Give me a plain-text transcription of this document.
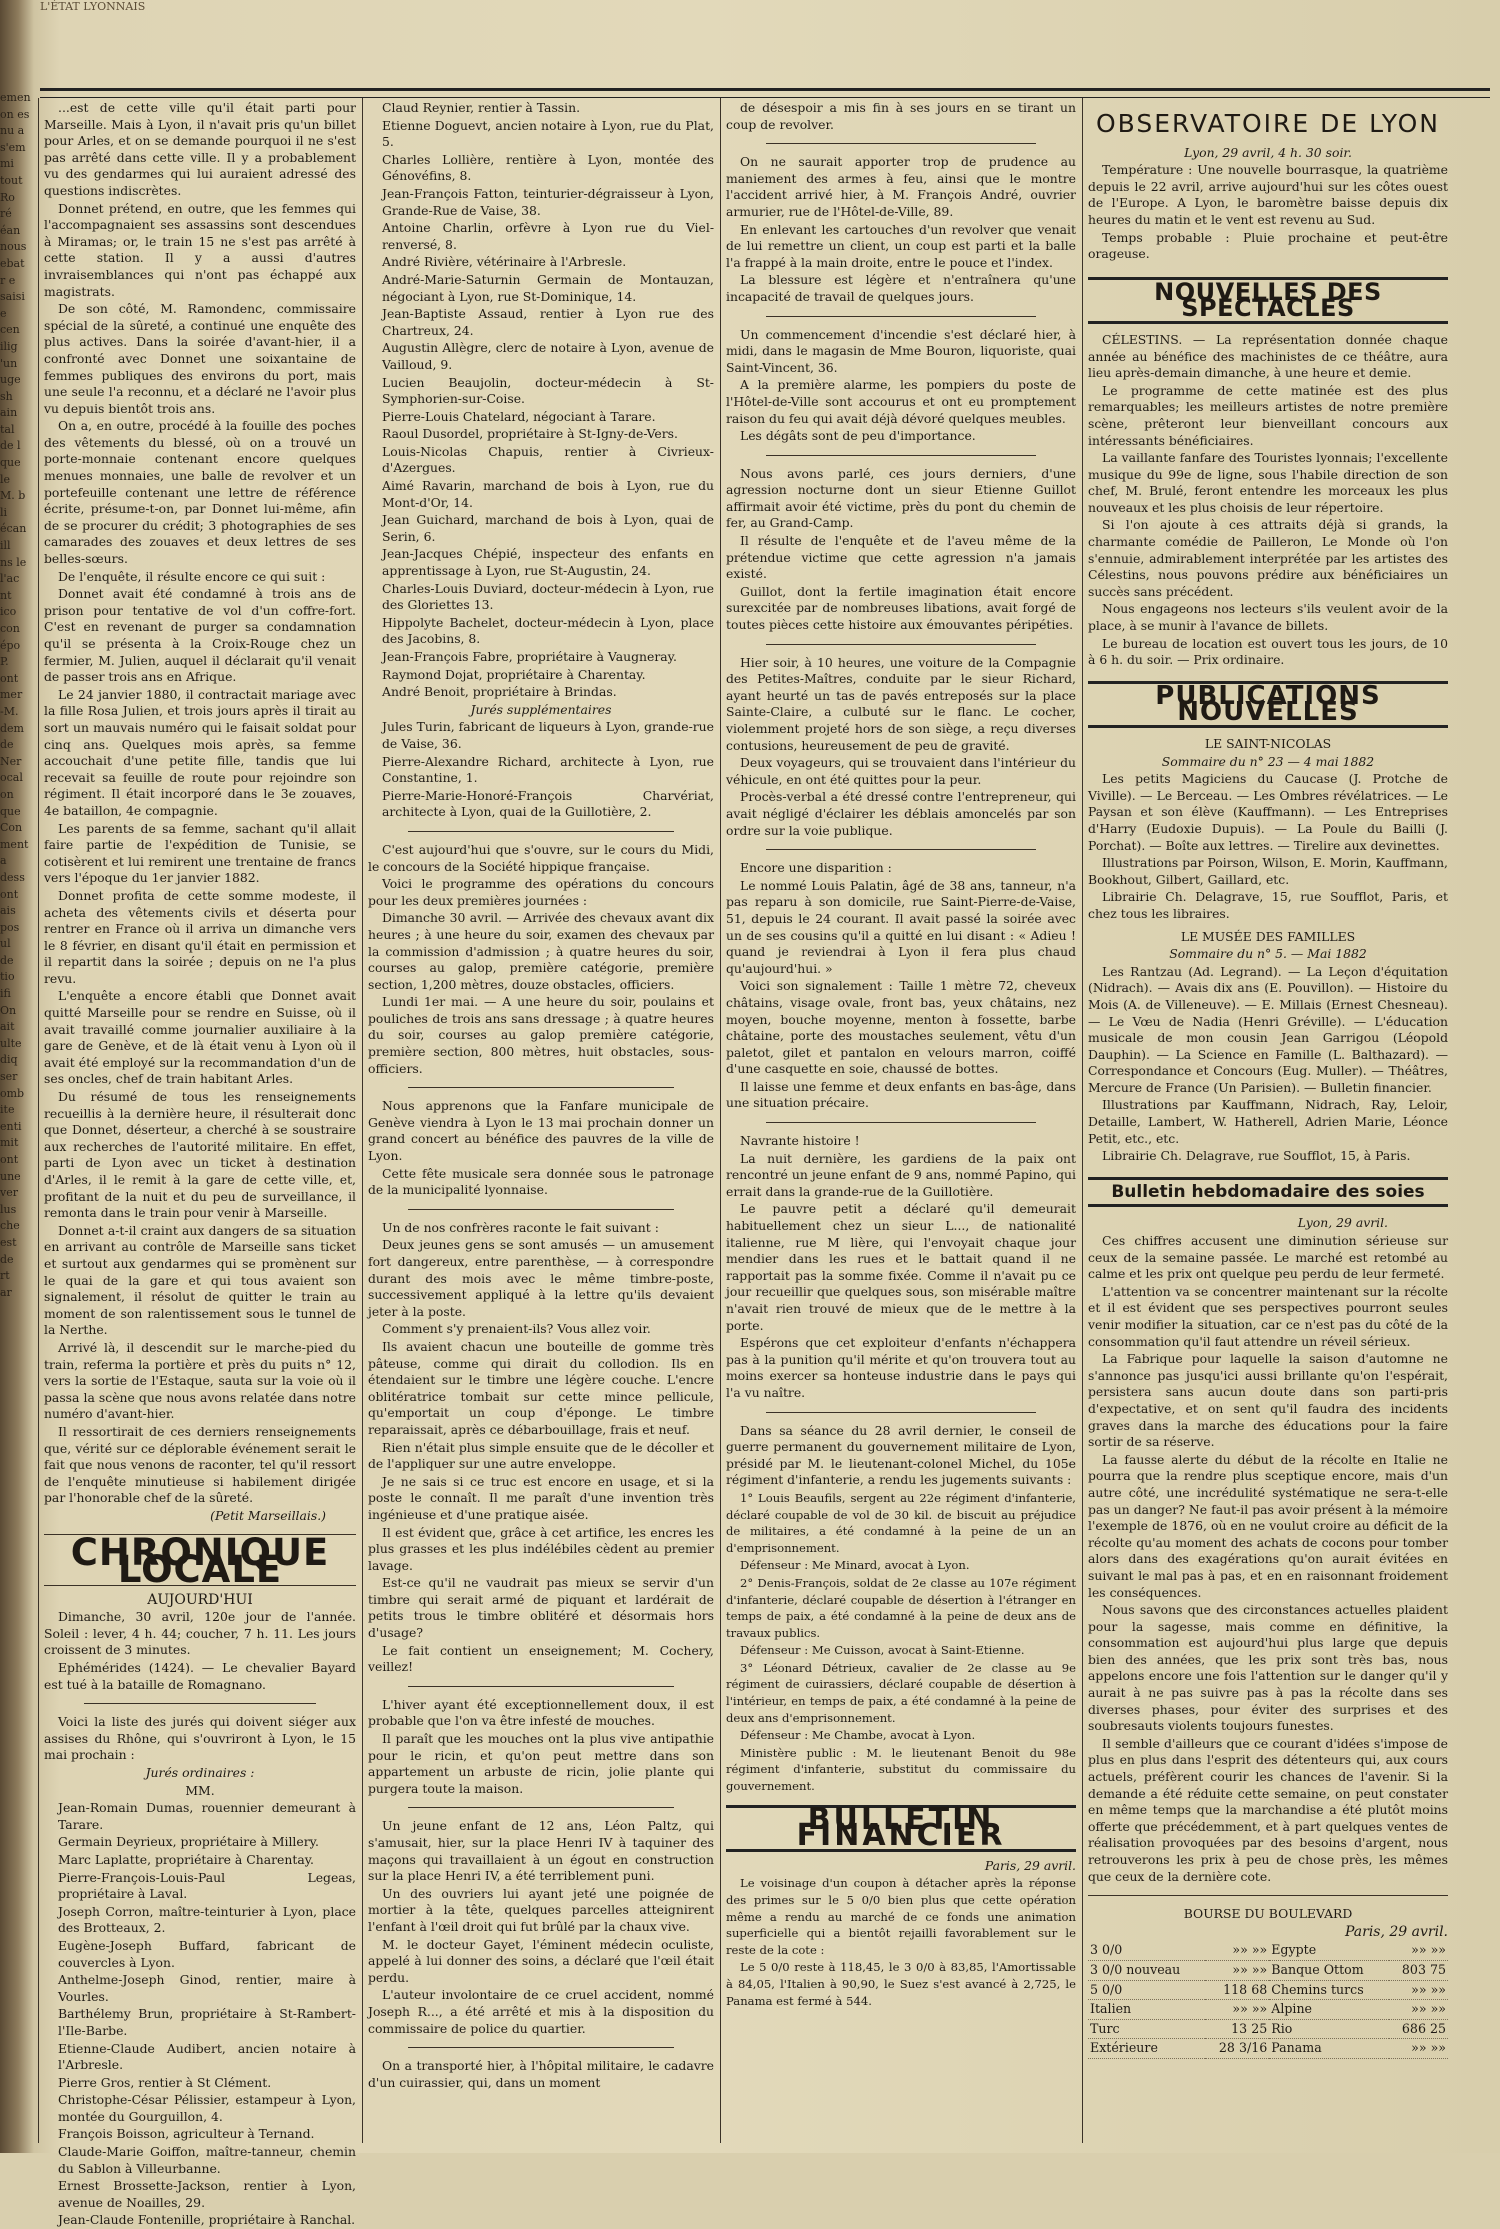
L'ÉTAT LYONNAIS
emen
on es
nu a
s'em
mi
tout
Ro
ré
éan
nous
ebat
r e
saisi
e
cen
ilig
'un
uge
sh
ain
tal
de l
que
le
M. b
li
écan
ill
ns le
l'ac
nt
ico
con
épo
P.
ont
mer
-M.
dem
de
Ner
ocal
on
que
Con
ment
a
dess
ont
ais
pos
ul
de
tio
ifi
On
ait
ulte
diq
ser
omb
ite
enti
mit
ont
une
ver
lus
che
est
de
rt
ar

...est de cette ville qu'il était parti pour Marseille. Mais à Lyon, il n'avait pris qu'un billet pour Arles, et on se demande pourquoi il ne s'est pas arrêté dans cette ville. Il y a probablement vu des gendarmes qui lui auraient adressé des questions indiscrètes.

Donnet prétend, en outre, que les femmes qui l'accompagnaient ses assassins sont descendues à Miramas; or, le train 15 ne s'est pas arrêté à cette station. Il y a aussi d'autres invraisemblances qui n'ont pas échappé aux magistrats.

De son côté, M. Ramondenc, commissaire spécial de la sûreté, a continué une enquête des plus actives. Dans la soirée d'avant-hier, il a confronté avec Donnet une soixantaine de femmes publiques des environs du port, mais une seule l'a reconnu, et a déclaré ne l'avoir plus vu depuis bientôt trois ans.

On a, en outre, procédé à la fouille des poches des vêtements du blessé, où on a trouvé un porte-monnaie contenant encore quelques menues monnaies, une balle de revolver et un portefeuille contenant une lettre de référence écrite, présume-t-on, par Donnet lui-même, afin de se procurer du crédit; 3 photographies de ses camarades des zouaves et deux lettres de ses belles-sœurs.

De l'enquête, il résulte encore ce qui suit :

Donnet avait été condamné à trois ans de prison pour tentative de vol d'un coffre-fort. C'est en revenant de purger sa condamnation qu'il se présenta à la Croix-Rouge chez un fermier, M. Julien, auquel il déclarait qu'il venait de passer trois ans en Afrique.

Le 24 janvier 1880, il contractait mariage avec la fille Rosa Julien, et trois jours après il tirait au sort un mauvais numéro qui le faisait soldat pour cinq ans. Quelques mois après, sa femme accouchait d'une petite fille, tandis que lui recevait sa feuille de route pour rejoindre son régiment. Il était incorporé dans le 3e zouaves, 4e bataillon, 4e compagnie.

Les parents de sa femme, sachant qu'il allait faire partie de l'expédition de Tunisie, se cotisèrent et lui remirent une trentaine de francs vers l'époque du 1er janvier 1882.

Donnet profita de cette somme modeste, il acheta des vêtements civils et déserta pour rentrer en France où il arriva un dimanche vers le 8 février, en disant qu'il était en permission et il repartit dans la soirée ; depuis on ne l'a plus revu.

L'enquête a encore établi que Donnet avait quitté Marseille pour se rendre en Suisse, où il avait travaillé comme journalier auxiliaire à la gare de Genève, et de là était venu à Lyon où il avait été employé sur la recommandation d'un de ses oncles, chef de train habitant Arles.

Du résumé de tous les renseignements recueillis à la dernière heure, il résulterait donc que Donnet, déserteur, a cherché à se soustraire aux recherches de l'autorité militaire. En effet, parti de Lyon avec un ticket à destination d'Arles, il le remit à la gare de cette ville, et, profitant de la nuit et du peu de surveillance, il remonta dans le train pour venir à Marseille.

Donnet a-t-il craint aux dangers de sa situation en arrivant au contrôle de Marseille sans ticket et surtout aux gendarmes qui se promènent sur le quai de la gare et qui tous avaient son signalement, il résolut de quitter le train au moment de son ralentissement sous le tunnel de la Nerthe.

Arrivé là, il descendit sur le marche-pied du train, referma la portière et près du puits n° 12, vers la sortie de l'Estaque, sauta sur la voie où il passa la scène que nous avons relatée dans notre numéro d'avant-hier.

Il ressortirait de ces derniers renseignements que, vérité sur ce déplorable événement serait le fait que nous venons de raconter, tel qu'il ressort de l'enquête minutieuse si habilement dirigée par l'honorable chef de la sûreté.

(Petit Marseillais.)

CHRONIQUE LOCALE

AUJOURD'HUI

Dimanche, 30 avril, 120e jour de l'année. Soleil : lever, 4 h. 44; coucher, 7 h. 11. Les jours croissent de 3 minutes.

Ephémérides (1424). — Le chevalier Bayard est tué à la bataille de Romagnano.

Voici la liste des jurés qui doivent siéger aux assises du Rhône, qui s'ouvriront à Lyon, le 15 mai prochain :

Jurés ordinaires :

MM.

Jean-Romain Dumas, rouennier demeurant à Tarare.

Germain Deyrieux, propriétaire à Millery.

Marc Laplatte, propriétaire à Charentay.

Pierre-François-Louis-Paul Legeas, propriétaire à Laval.

Joseph Corron, maître-teinturier à Lyon, place des Brotteaux, 2.

Eugène-Joseph Buffard, fabricant de couvercles à Lyon.

Anthelme-Joseph Ginod, rentier, maire à Vourles.

Barthélemy Brun, propriétaire à St-Rambert-l'Ile-Barbe.

Etienne-Claude Audibert, ancien notaire à l'Arbresle.

Pierre Gros, rentier à St Clément.

Christophe-César Pélissier, estampeur à Lyon, montée du Gourguillon, 4.

François Boisson, agriculteur à Ternand.

Claude-Marie Goiffon, maître-tanneur, chemin du Sablon à Villeurbanne.

Ernest Brossette-Jackson, rentier à Lyon, avenue de Noailles, 29.

Jean-Claude Fontenille, propriétaire à Ranchal.

Claud Reynier, rentier à Tassin.

Etienne Doguevt, ancien notaire à Lyon, rue du Plat, 5.

Charles Lollière, rentière à Lyon, montée des Génovéfins, 8.

Jean-François Fatton, teinturier-dégraisseur à Lyon, Grande-Rue de Vaise, 38.

Antoine Charlin, orfèvre à Lyon rue du Viel-renversé, 8.

André Rivière, vétérinaire à l'Arbresle.

André-Marie-Saturnin Germain de Montauzan, négociant à Lyon, rue St-Dominique, 14.

Jean-Baptiste Assaud, rentier à Lyon rue des Chartreux, 24.

Augustin Allègre, clerc de notaire à Lyon, avenue de Vailloud, 9.

Lucien Beaujolin, docteur-médecin à St-Symphorien-sur-Coise.

Pierre-Louis Chatelard, négociant à Tarare.

Raoul Dusordel, propriétaire à St-Igny-de-Vers.

Louis-Nicolas Chapuis, rentier à Civrieux-d'Azergues.

Aimé Ravarin, marchand de bois à Lyon, rue du Mont-d'Or, 14.

Jean Guichard, marchand de bois à Lyon, quai de Serin, 6.

Jean-Jacques Chépié, inspecteur des enfants en apprentissage à Lyon, rue St-Augustin, 24.

Charles-Louis Duviard, docteur-médecin à Lyon, rue des Gloriettes 13.

Hippolyte Bachelet, docteur-médecin à Lyon, place des Jacobins, 8.

Jean-François Fabre, propriétaire à Vaugneray.

Raymond Dojat, propriétaire à Charentay.

André Benoit, propriétaire à Brindas.

Jurés supplémentaires

Jules Turin, fabricant de liqueurs à Lyon, grande-rue de Vaise, 36.

Pierre-Alexandre Richard, architecte à Lyon, rue Constantine, 1.

Pierre-Marie-Honoré-François Charvériat, architecte à Lyon, quai de la Guillotière, 2.

C'est aujourd'hui que s'ouvre, sur le cours du Midi, le concours de la Société hippique française.

Voici le programme des opérations du concours pour les deux premières journées :

Dimanche 30 avril. — Arrivée des chevaux avant dix heures ; à une heure du soir, examen des chevaux par la commission d'admission ; à quatre heures du soir, courses au galop, première catégorie, première section, 1,200 mètres, douze obstacles, officiers.

Lundi 1er mai. — A une heure du soir, poulains et pouliches de trois ans sans dressage ; à quatre heures du soir, courses au galop première catégorie, première section, 800 mètres, huit obstacles, sous-officiers.

Nous apprenons que la Fanfare municipale de Genève viendra à Lyon le 13 mai prochain donner un grand concert au bénéfice des pauvres de la ville de Lyon.

Cette fête musicale sera donnée sous le patronage de la municipalité lyonnaise.

Un de nos confrères raconte le fait suivant :

Deux jeunes gens se sont amusés — un amusement fort dangereux, entre parenthèse, — à correspondre durant des mois avec le même timbre-poste, successivement appliqué à la lettre qu'ils devaient jeter à la poste.

Comment s'y prenaient-ils? Vous allez voir.

Ils avaient chacun une bouteille de gomme très pâteuse, comme qui dirait du collodion. Ils en étendaient sur le timbre une légère couche. L'encre oblitératrice tombait sur cette mince pellicule, qu'emportait un coup d'éponge. Le timbre reparaissait, après ce débarbouillage, frais et neuf.

Rien n'était plus simple ensuite que de le décoller et de l'appliquer sur une autre enveloppe.

Je ne sais si ce truc est encore en usage, et si la poste le connaît. Il me paraît d'une invention très ingénieuse et d'une pratique aisée.

Il est évident que, grâce à cet artifice, les encres les plus grasses et les plus indélébiles cèdent au premier lavage.

Est-ce qu'il ne vaudrait pas mieux se servir d'un timbre qui serait armé de piquant et lardérait de petits trous le timbre oblitéré et désormais hors d'usage?

Le fait contient un enseignement; M. Cochery, veillez!

L'hiver ayant été exceptionnellement doux, il est probable que l'on va être infesté de mouches.

Il paraît que les mouches ont la plus vive antipathie pour le ricin, et qu'on peut mettre dans son appartement un arbuste de ricin, jolie plante qui purgera toute la maison.

Un jeune enfant de 12 ans, Léon Paltz, qui s'amusait, hier, sur la place Henri IV à taquiner des maçons qui travaillaient à un égout en construction sur la place Henri IV, a été terriblement puni.

Un des ouvriers lui ayant jeté une poignée de mortier à la tête, quelques parcelles atteignirent l'enfant à l'œil droit qui fut brûlé par la chaux vive.

M. le docteur Gayet, l'éminent médecin oculiste, appelé à lui donner des soins, a déclaré que l'œil était perdu.

L'auteur involontaire de ce cruel accident, nommé Joseph R..., a été arrêté et mis à la disposition du commissaire de police du quartier.

On a transporté hier, à l'hôpital militaire, le cadavre d'un cuirassier, qui, dans un moment

de désespoir a mis fin à ses jours en se tirant un coup de revolver.

On ne saurait apporter trop de prudence au maniement des armes à feu, ainsi que le montre l'accident arrivé hier, à M. François André, ouvrier armurier, rue de l'Hôtel-de-Ville, 89.

En enlevant les cartouches d'un revolver que venait de lui remettre un client, un coup est parti et la balle l'a frappé à la main droite, entre le pouce et l'index.

La blessure est légère et n'entraînera qu'une incapacité de travail de quelques jours.

Un commencement d'incendie s'est déclaré hier, à midi, dans le magasin de Mme Bouron, liquoriste, quai Saint-Vincent, 36.

A la première alarme, les pompiers du poste de l'Hôtel-de-Ville sont accourus et ont eu promptement raison du feu qui avait déjà dévoré quelques meubles.

Les dégâts sont de peu d'importance.

Nous avons parlé, ces jours derniers, d'une agression nocturne dont un sieur Etienne Guillot affirmait avoir été victime, près du pont du chemin de fer, au Grand-Camp.

Il résulte de l'enquête et de l'aveu même de la prétendue victime que cette agression n'a jamais existé.

Guillot, dont la fertile imagination était encore surexcitée par de nombreuses libations, avait forgé de toutes pièces cette histoire aux émouvantes péripéties.

Hier soir, à 10 heures, une voiture de la Compagnie des Petites-Maîtres, conduite par le sieur Richard, ayant heurté un tas de pavés entreposés sur la place Sainte-Claire, a culbuté sur le flanc. Le cocher, violemment projeté hors de son siège, a reçu diverses contusions, heureusement de peu de gravité.

Deux voyageurs, qui se trouvaient dans l'intérieur du véhicule, en ont été quittes pour la peur.

Procès-verbal a été dressé contre l'entrepreneur, qui avait négligé d'éclairer les déblais amoncelés par son ordre sur la voie publique.

Encore une disparition :

Le nommé Louis Palatin, âgé de 38 ans, tanneur, n'a pas reparu à son domicile, rue Saint-Pierre-de-Vaise, 51, depuis le 24 courant. Il avait passé la soirée avec un de ses cousins qu'il a quitté en lui disant : « Adieu ! quand je reviendrai à Lyon il fera plus chaud qu'aujourd'hui. »

Voici son signalement : Taille 1 mètre 72, cheveux châtains, visage ovale, front bas, yeux châtains, nez moyen, bouche moyenne, menton à fossette, barbe châtaine, porte des moustaches seulement, vêtu d'un paletot, gilet et pantalon en velours marron, coiffé d'une casquette en soie, chaussé de bottes.

Il laisse une femme et deux enfants en bas-âge, dans une situation précaire.

Navrante histoire !

La nuit dernière, les gardiens de la paix ont rencontré un jeune enfant de 9 ans, nommé Papino, qui errait dans la grande-rue de la Guillotière.

Le pauvre petit a déclaré qu'il demeurait habituellement chez un sieur L..., de nationalité italienne, rue M lière, qui l'envoyait chaque jour mendier dans les rues et le battait quand il ne rapportait pas la somme fixée. Comme il n'avait pu ce jour recueillir que quelques sous, son misérable maître n'avait rien trouvé de mieux que de le mettre à la porte.

Espérons que cet exploiteur d'enfants n'échappera pas à la punition qu'il mérite et qu'on trouvera tout au moins exercer sa honteuse industrie dans le pays qui l'a vu naître.

Dans sa séance du 28 avril dernier, le conseil de guerre permanent du gouvernement militaire de Lyon, présidé par M. le lieutenant-colonel Michel, du 105e régiment d'infanterie, a rendu les jugements suivants :

1° Louis Beaufils, sergent au 22e régiment d'infanterie, déclaré coupable de vol de 30 kil. de biscuit au préjudice de militaires, a été condamné à la peine de un an d'emprisonnement.

Défenseur : Me Minard, avocat à Lyon.

2° Denis-François, soldat de 2e classe au 107e régiment d'infanterie, déclaré coupable de désertion à l'étranger en temps de paix, a été condamné à la peine de deux ans de travaux publics.

Défenseur : Me Cuisson, avocat à Saint-Etienne.

3° Léonard Détrieux, cavalier de 2e classe au 9e régiment de cuirassiers, déclaré coupable de désertion à l'intérieur, en temps de paix, a été condamné à la peine de deux ans d'emprisonnement.

Défenseur : Me Chambe, avocat à Lyon.

Ministère public : M. le lieutenant Benoit du 98e régiment d'infanterie, substitut du commissaire du gouvernement.

BULLETIN FINANCIER

Paris, 29 avril.

Le voisinage d'un coupon à détacher après la réponse des primes sur le 5 0/0 bien plus que cette opération même a rendu au marché de ce fonds une animation superficielle qui a bientôt rejailli favorablement sur le reste de la cote :

Le 5 0/0 reste à 118,45, le 3 0/0 à 83,85, l'Amortissable à 84,05, l'Italien à 90,90, le Suez s'est avancé à 2,725, le Panama est fermé à 544.

OBSERVATOIRE DE LYON

Lyon, 29 avril, 4 h. 30 soir.

Température : Une nouvelle bourrasque, la quatrième depuis le 22 avril, arrive aujourd'hui sur les côtes ouest de l'Europe. A Lyon, le baromètre baisse depuis dix heures du matin et le vent est revenu au Sud.

Temps probable : Pluie prochaine et peut-être orageuse.

NOUVELLES DES SPECTACLES

CÉLESTINS. — La représentation donnée chaque année au bénéfice des machinistes de ce théâtre, aura lieu après-demain dimanche, à une heure et demie.

Le programme de cette matinée est des plus remarquables; les meilleurs artistes de notre première scène, prêteront leur bienveillant concours aux intéressants bénéficiaires.

La vaillante fanfare des Touristes lyonnais; l'excellente musique du 99e de ligne, sous l'habile direction de son chef, M. Brulé, feront entendre les morceaux les plus nouveaux et les plus choisis de leur répertoire.

Si l'on ajoute à ces attraits déjà si grands, la charmante comédie de Pailleron, Le Monde où l'on s'ennuie, admirablement interprétée par les artistes des Célestins, nous pouvons prédire aux bénéficiaires un succès sans précédent.

Nous engageons nos lecteurs s'ils veulent avoir de la place, à se munir à l'avance de billets.

Le bureau de location est ouvert tous les jours, de 10 à 6 h. du soir. — Prix ordinaire.

PUBLICATIONS NOUVELLES

LE SAINT-NICOLAS

Sommaire du n° 23 — 4 mai 1882

Les petits Magiciens du Caucase (J. Protche de Viville). — Le Berceau. — Les Ombres révélatrices. — Le Paysan et son élève (Kauffmann). — Les Entreprises d'Harry (Eudoxie Dupuis). — La Poule du Bailli (J. Porchat). — Boîte aux lettres. — Tirelire aux devinettes.

Illustrations par Poirson, Wilson, E. Morin, Kauffmann, Bookhout, Gilbert, Gaillard, etc.

Librairie Ch. Delagrave, 15, rue Soufflot, Paris, et chez tous les libraires.

LE MUSÉE DES FAMILLES

Sommaire du n° 5. — Mai 1882

Les Rantzau (Ad. Legrand). — La Leçon d'équitation (Nidrach). — Avais dix ans (E. Pouvillon). — Histoire du Mois (A. de Villeneuve). — E. Millais (Ernest Chesneau). — Le Vœu de Nadia (Henri Gréville). — L'éducation musicale de mon cousin Jean Garrigou (Léopold Dauphin). — La Science en Famille (L. Balthazard). — Correspondance et Concours (Eug. Muller). — Théâtres, Mercure de France (Un Parisien). — Bulletin financier.

Illustrations par Kauffmann, Nidrach, Ray, Leloir, Detaille, Lambert, W. Hatherell, Adrien Marie, Léonce Petit, etc., etc.

Librairie Ch. Delagrave, rue Soufflot, 15, à Paris.

Bulletin hebdomadaire des soies

Lyon, 29 avril.

Ces chiffres accusent une diminution sérieuse sur ceux de la semaine passée. Le marché est retombé au calme et les prix ont quelque peu perdu de leur fermeté.

L'attention va se concentrer maintenant sur la récolte et il est évident que ses perspectives pourront seules venir modifier la situation, car ce n'est pas du côté de la consommation qu'il faut attendre un réveil sérieux.

La Fabrique pour laquelle la saison d'automne ne s'annonce pas jusqu'ici aussi brillante qu'on l'espérait, persistera sans aucun doute dans son parti-pris d'expectative, et on sent qu'il faudra des incidents graves dans la marche des éducations pour la faire sortir de sa réserve.

La fausse alerte du début de la récolte en Italie ne pourra que la rendre plus sceptique encore, mais d'un autre côté, une incrédulité systématique ne sera-t-elle pas un danger? Ne faut-il pas avoir présent à la mémoire l'exemple de 1876, où en ne voulut croire au déficit de la récolte qu'au moment des achats de cocons pour tomber alors dans des exagérations qu'on aurait évitées en suivant le mal pas à pas, et en en raisonnant froidement les conséquences.

Nous savons que des circonstances actuelles plaident pour la sagesse, mais comme en définitive, la consommation est aujourd'hui plus large que depuis bien des années, que les prix sont très bas, nous appelons encore une fois l'attention sur le danger qu'il y aurait à ne pas suivre pas à pas la récolte dans ses diverses phases, pour éviter des surprises et des soubresauts violents toujours funestes.

Il semble d'ailleurs que ce courant d'idées s'impose de plus en plus dans l'esprit des détenteurs qui, aux cours actuels, préfèrent courir les chances de l'avenir. Si la demande a été réduite cette semaine, on peut constater en même temps que la marchandise a été plutôt moins offerte que précédemment, et à part quelques ventes de réalisation provoquées par des besoins d'argent, nous retrouverons les prix à peu de chose près, les mêmes que ceux de la dernière cote.

BOURSE DU BOULEVARD

Paris, 29 avril.

3 0/0	»» »»	Egypte	»» »»
3 0/0 nouveau	»» »»	Banque Ottom	803 75
5 0/0	118 68	Chemins turcs	»» »»
Italien	»» »»	Alpine	»» »»
Turc	13 25	Rio	686 25
Extérieure	28 3/16	Panama	»» »»
